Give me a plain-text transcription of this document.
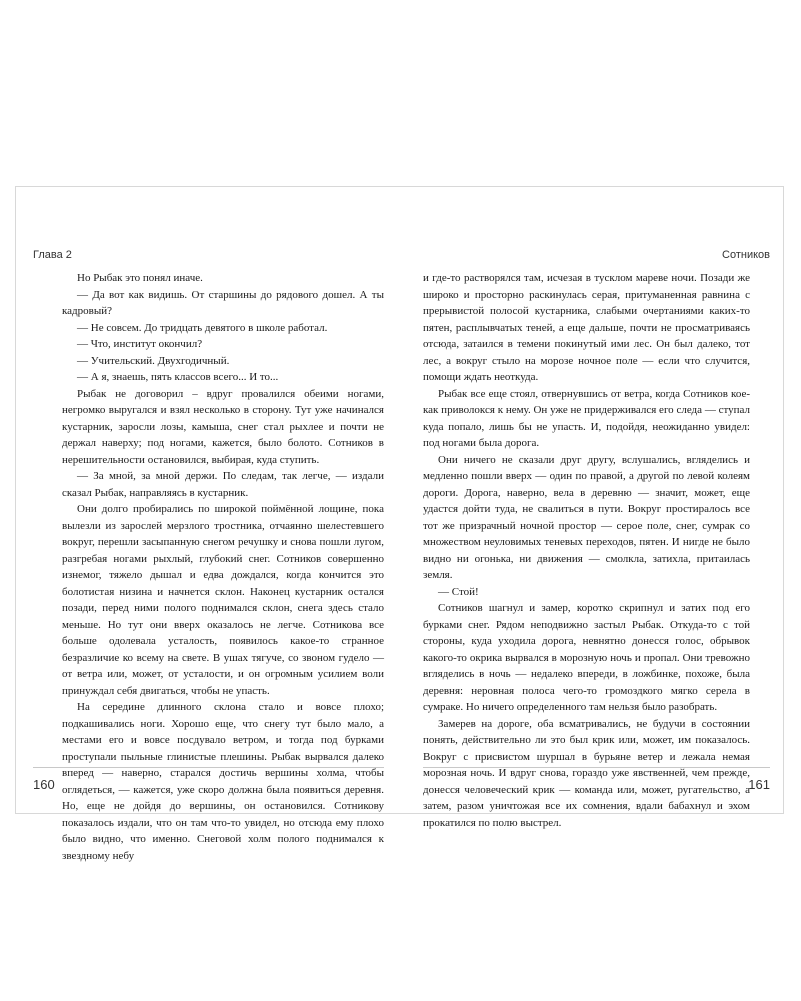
Глава 2

Но Рыбак это понял иначе.

— Да вот как видишь. От старшины до рядового дошел. А ты кадровый?

— Не совсем. До тридцать девятого в школе работал.

— Что, институт окончил?

— Учительский. Двухгодичный.

— А я, знаешь, пять классов всего... И то...

Рыбак не договорил – вдруг провалился обеими ногами, негромко выругался и взял несколько в сторону. Тут уже начинался кустарник, заросли лозы, камыша, снег стал рыхлее и почти не держал наверху; под ногами, кажется, было болото. Сотников в нерешительности остановился, выбирая, куда ступить.

— За мной, за мной держи. По следам, так легче, — издали сказал Рыбак, направляясь в кустарник.

Они долго пробирались по широкой поймённой лощине, пока вылезли из зарослей мерзлого тростника, отчаянно шелестевшего вокруг, перешли засыпанную снегом речушку и снова пошли лугом, разгребая ногами рыхлый, глубокий снег. Сотников совершенно изнемог, тяжело дышал и едва дождался, когда кончится это болотистая низина и начнется склон. Наконец кустарник остался позади, перед ними полого поднимался склон, снега здесь стало меньше. Но тут они вверх оказалось не легче. Сотникова все больше одолевала усталость, появилось какое-то странное безразличие ко всему на свете. В ушах тягуче, со звоном гудело — от ветра или, может, от усталости, и он огромным усилием воли принуждал себя двигаться, чтобы не упасть.

На середине длинного склона стало и вовсе плохо; подкашивались ноги. Хорошо еще, что снегу тут было мало, а местами его и вовсе посдувало ветром, и тогда под бурками проступали пыльные глинистые плешины. Рыбак вырвался далеко вперед — наверно, старался достичь вершины холма, чтобы оглядеться, — кажется, уже скоро должна была появиться деревня. Но, еще не дойдя до вершины, он остановился. Сотникову показалось издали, что он там что-то увидел, но отсюда ему плохо было видно, что именно. Снеговой холм полого поднимался к звездному небу

160
Сотников

и где-то растворялся там, исчезая в тусклом мареве ночи. Позади же широко и просторно раскинулась серая, притуманенная равнина с прерывистой полосой кустарника, слабыми очертаниями каких-то пятен, расплывчатых теней, а еще дальше, почти не просматриваясь отсюда, затаился в темени покинутый ими лес. Он был далеко, тот лес, а вокруг стыло на морозе ночное поле — если что случится, помощи ждать неоткуда.

Рыбак все еще стоял, отвернувшись от ветра, когда Сотников кое-как приволокся к нему. Он уже не придерживался его следа — ступал куда попало, лишь бы не упасть. И, подойдя, неожиданно увидел: под ногами была дорога.

Они ничего не сказали друг другу, вслушались, вгляделись и медленно пошли вверх — один по правой, а другой по левой колеям дороги. Дорога, наверно, вела в деревню — значит, может, еще удастся дойти туда, не свалиться в пути. Вокруг простиралось все тот же призрачный ночной простор — серое поле, снег, сумрак со множеством неуловимых теневых переходов, пятен. И нигде не было видно ни огонька, ни движения — смолкла, затихла, притаилась земля.

— Стой!

Сотников шагнул и замер, коротко скрипнул и затих под его бурками снег. Рядом неподвижно застыл Рыбак. Откуда-то с той стороны, куда уходила дорога, невнятно донесся голос, обрывок какого-то окрика вырвался в морозную ночь и пропал. Они тревожно вгляделись в ночь — недалеко впереди, в ложбинке, похоже, была деревня: неровная полоса чего-то громоздкого мягко серела в сумраке. Но ничего определенного там нельзя было разобрать.

Замерев на дороге, оба всматривались, не будучи в состоянии понять, действительно ли это был крик или, может, им показалось. Вокруг с присвистом шуршал в бурьяне ветер и лежала немая морозная ночь. И вдруг снова, гораздо уже явственней, чем прежде, донесся человеческий крик — команда или, может, ругательство, а затем, разом уничтожая все их сомнения, вдали бабахнул и эхом прокатился по полю выстрел.

161
